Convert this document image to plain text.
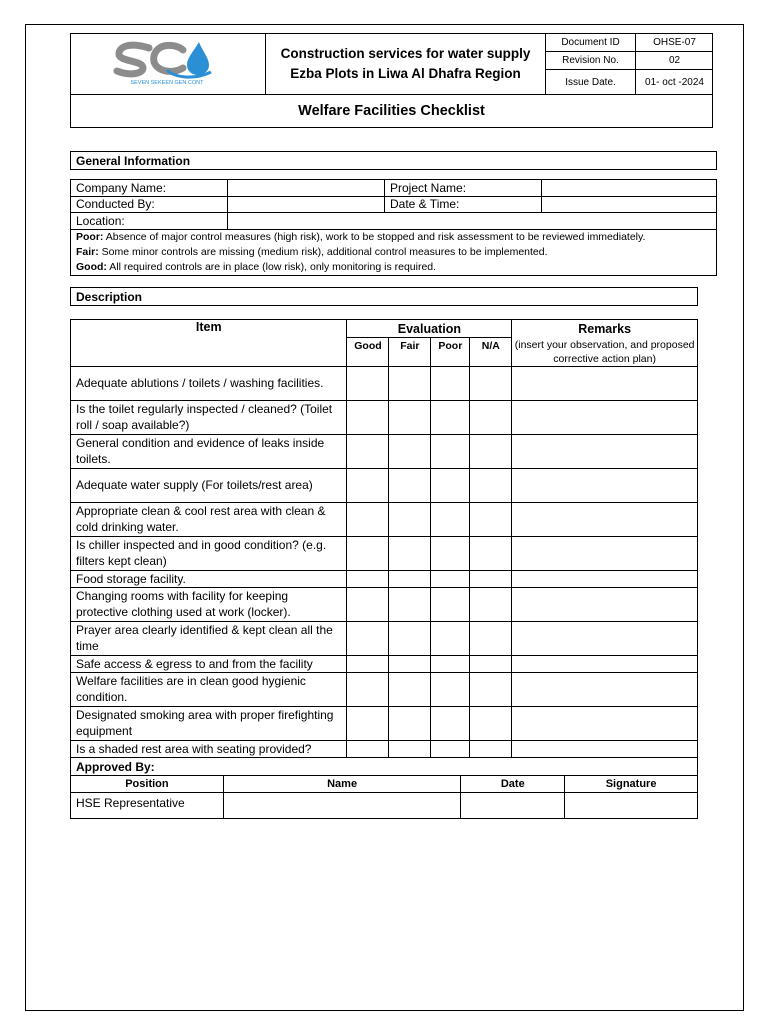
SEVEN SEKEEN GEN CONT
Construction services for water supply
Ezba Plots in Liwa Al Dhafra Region
Document ID	OHSE-07
Revision No.	02
Issue Date.	01- oct -2024
Welfare Facilities Checklist
General Information
Company Name:	Project Name:
Conducted By:	Date & Time:
Location:
Poor: Absence of major control measures (high risk), work to be stopped and risk assessment to be reviewed immediately.
Fair: Some minor controls are missing (medium risk), additional control measures to be implemented.
Good: All required controls are in place (low risk), only monitoring is required.
Description
Item	Evaluation				Remarks
	Good	Fair	Poor	N/A	(insert your observation, and proposed corrective action plan)
Adequate ablutions / toilets / washing facilities.					
Is the toilet regularly inspected / cleaned? (Toilet roll / soap available?)					
General condition and evidence of leaks inside toilets.					
Adequate water supply (For toilets/rest area)					
Appropriate clean & cool rest area with clean & cold drinking water.					
Is chiller inspected and in good condition? (e.g. filters kept clean)					
Food storage facility.					
Changing rooms with facility for keeping protective clothing used at work (locker).					
Prayer area clearly identified & kept clean all the time					
Safe access & egress to and from the facility					
Welfare facilities are in clean good hygienic condition.					
Designated smoking area with proper firefighting equipment					
Is a shaded rest area with seating provided?					
Approved By:
Position	Name	Date	Signature
HSE Representative			
